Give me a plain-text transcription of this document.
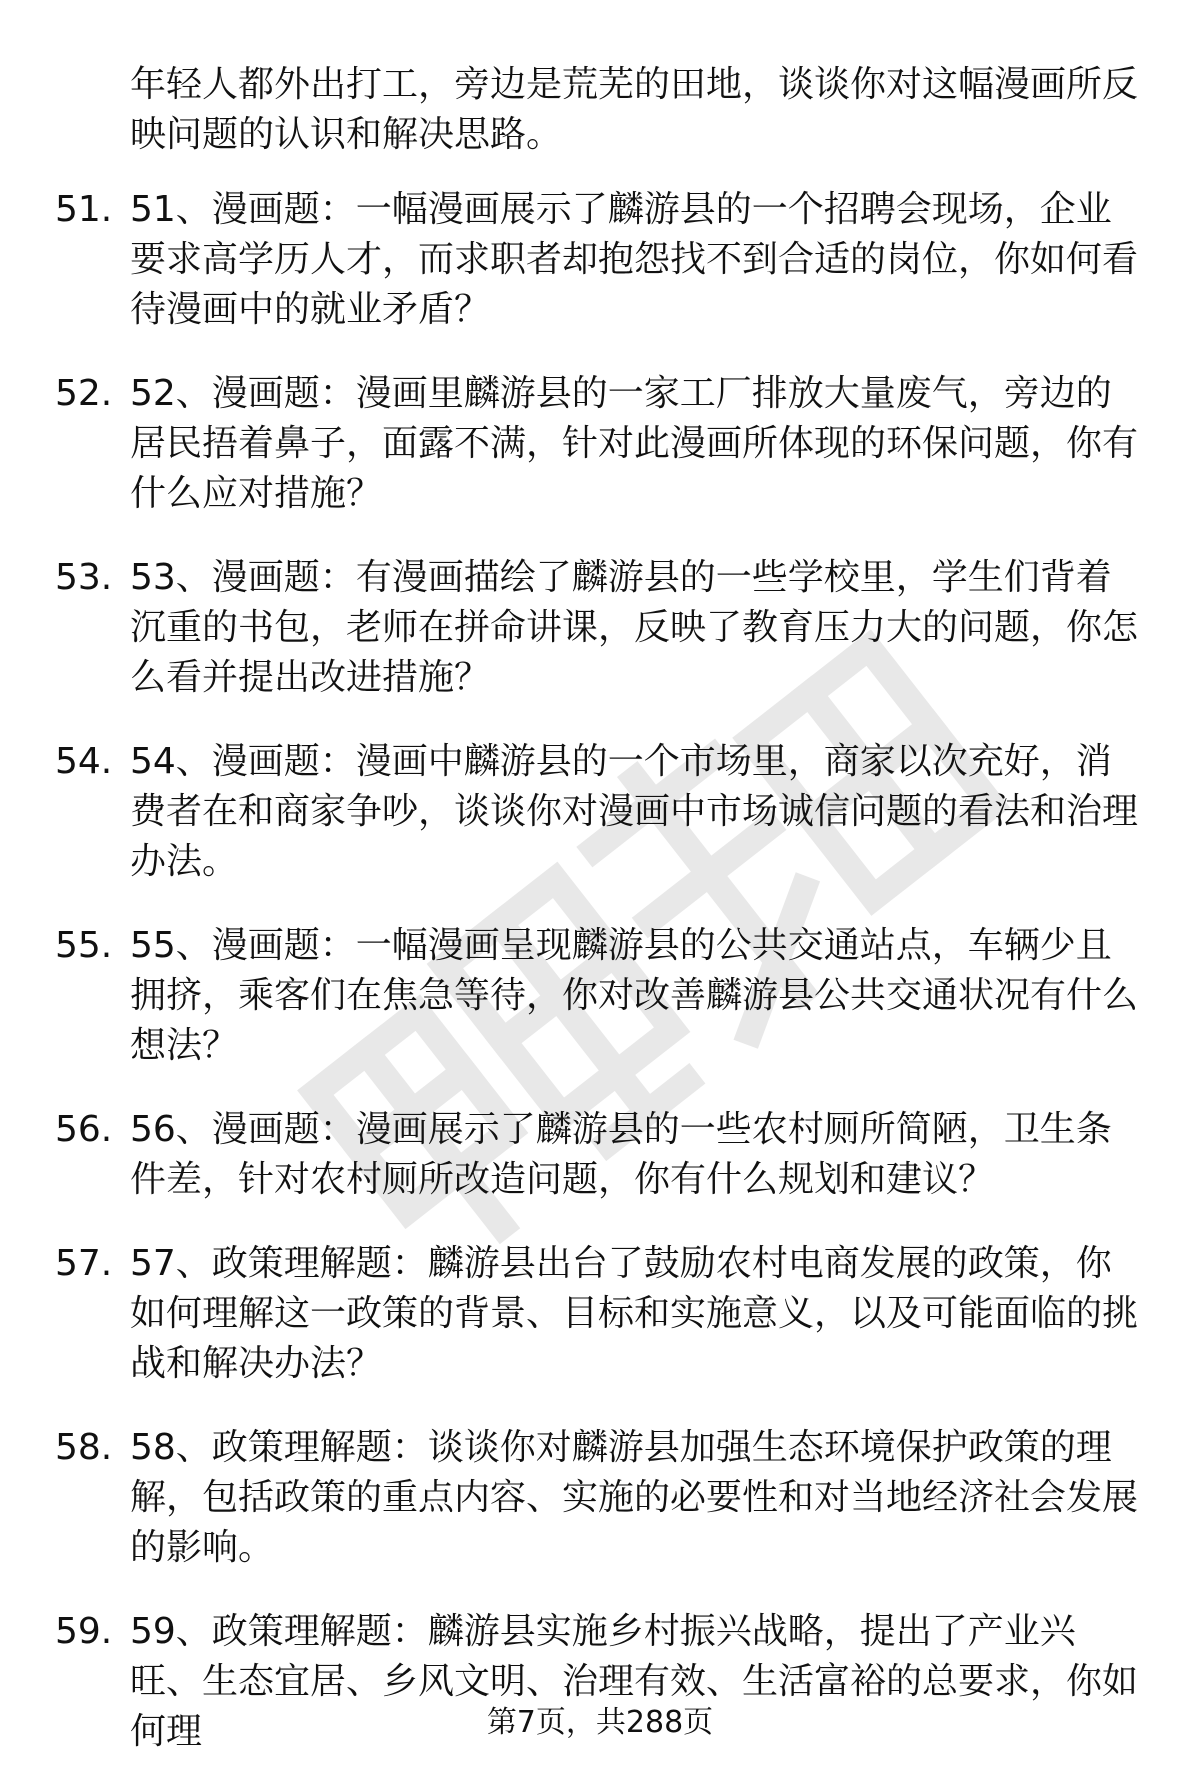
年轻人都外出打工，旁边是荒芜的田地，谈谈你对这幅漫画所反映问题的认识和解决思路。

51. 51、漫画题：一幅漫画展示了麟游县的一个招聘会现场，企业要求高学历人才，而求职者却抱怨找不到合适的岗位，你如何看待漫画中的就业矛盾？
52. 52、漫画题：漫画里麟游县的一家工厂排放大量废气，旁边的居民捂着鼻子，面露不满，针对此漫画所体现的环保问题，你有什么应对措施？
53. 53、漫画题：有漫画描绘了麟游县的一些学校里，学生们背着沉重的书包，老师在拼命讲课，反映了教育压力大的问题，你怎么看并提出改进措施？
54. 54、漫画题：漫画中麟游县的一个市场里，商家以次充好，消费者在和商家争吵，谈谈你对漫画中市场诚信问题的看法和治理办法。
55. 55、漫画题：一幅漫画呈现麟游县的公共交通站点，车辆少且拥挤，乘客们在焦急等待，你对改善麟游县公共交通状况有什么想法？
56. 56、漫画题：漫画展示了麟游县的一些农村厕所简陋，卫生条件差，针对农村厕所改造问题，你有什么规划和建议？
57. 57、政策理解题：麟游县出台了鼓励农村电商发展的政策，你如何理解这一政策的背景、目标和实施意义，以及可能面临的挑战和解决办法？
58. 58、政策理解题：谈谈你对麟游县加强生态环境保护政策的理解，包括政策的重点内容、实施的必要性和对当地经济社会发展的影响。
59. 59、政策理解题：麟游县实施乡村振兴战略，提出了产业兴旺、生态宜居、乡风文明、治理有效、生活富裕的总要求，你如何理	第7页，共288页
